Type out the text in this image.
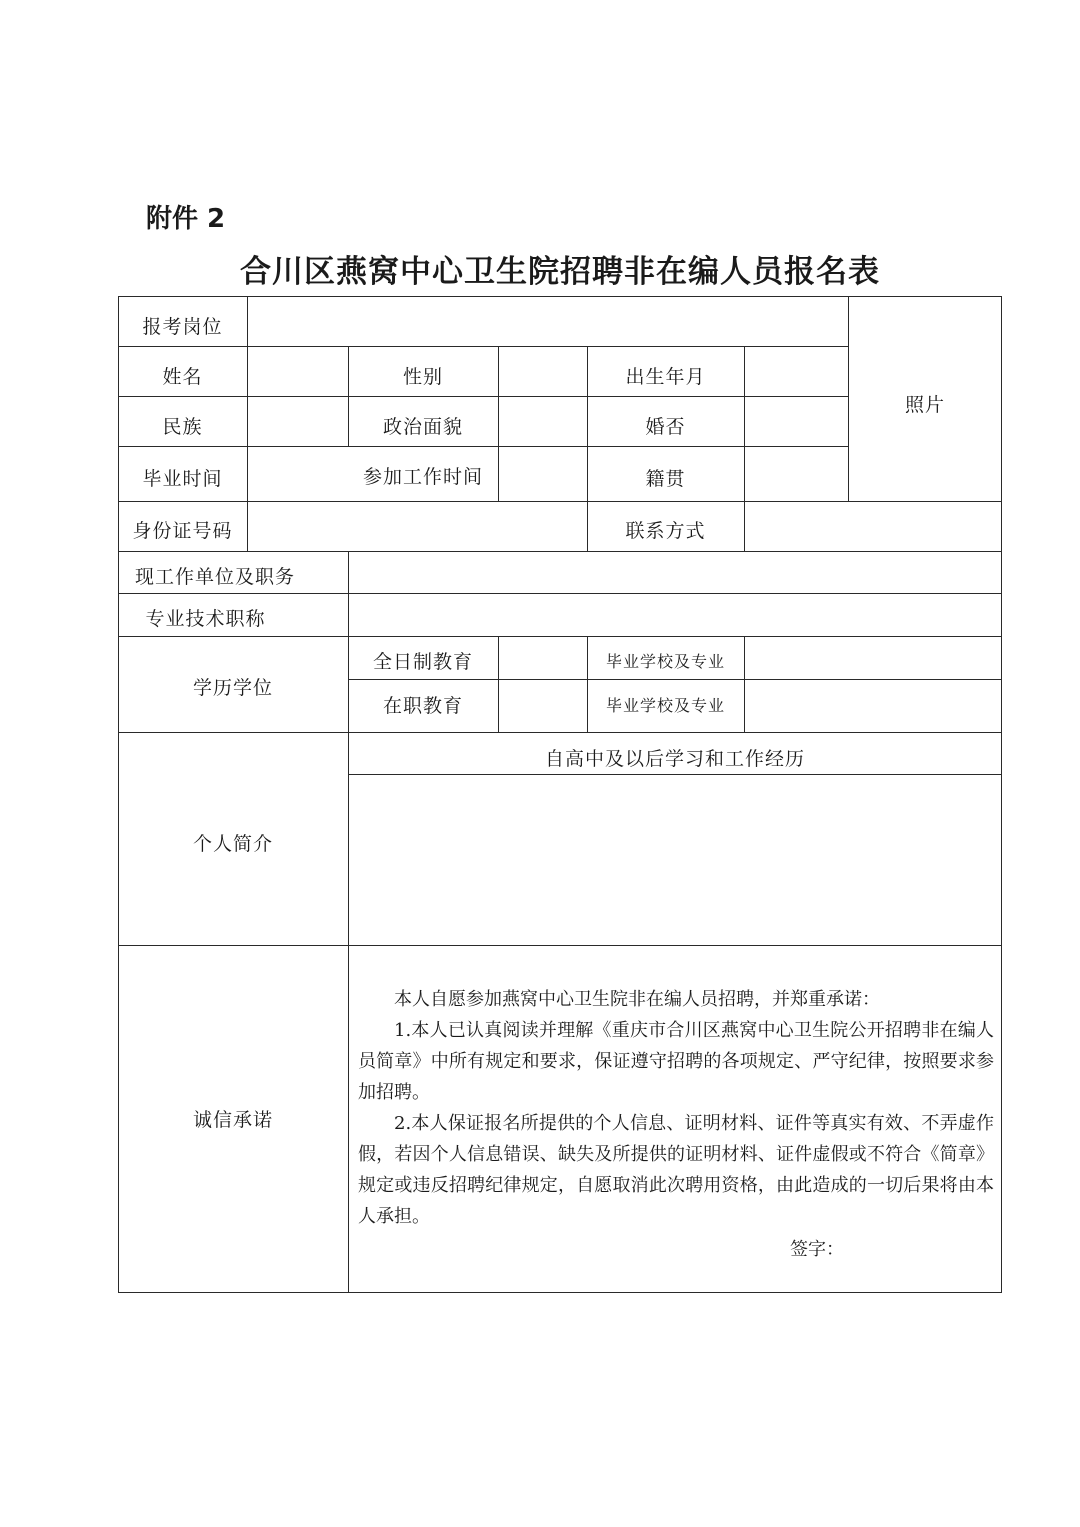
附件 2
合川区燕窝中心卫生院招聘非在编人员报名表
报考岗位
照片
姓名	性别	出生年月
民族	政治面貌	婚否
毕业时间	参加工作时间	籍贯
身份证号码	联系方式
现工作单位及职务
专业技术职称
学历学位
全日制教育	毕业学校及专业
在职教育	毕业学校及专业
个人简介
自高中及以后学习和工作经历
诚信承诺

本人自愿参加燕窝中心卫生院非在编人员招聘，并郑重承诺：

1.本人已认真阅读并理解《重庆市合川区燕窝中心卫生院公开招聘非在编人员简章》中所有规定和要求，保证遵守招聘的各项规定、严守纪律，按照要求参加招聘。

2.本人保证报名所提供的个人信息、证明材料、证件等真实有效、不弄虚作假，若因个人信息错误、缺失及所提供的证明材料、证件虚假或不符合《简章》规定或违反招聘纪律规定，自愿取消此次聘用资格，由此造成的一切后果将由本人承担。

签字：
